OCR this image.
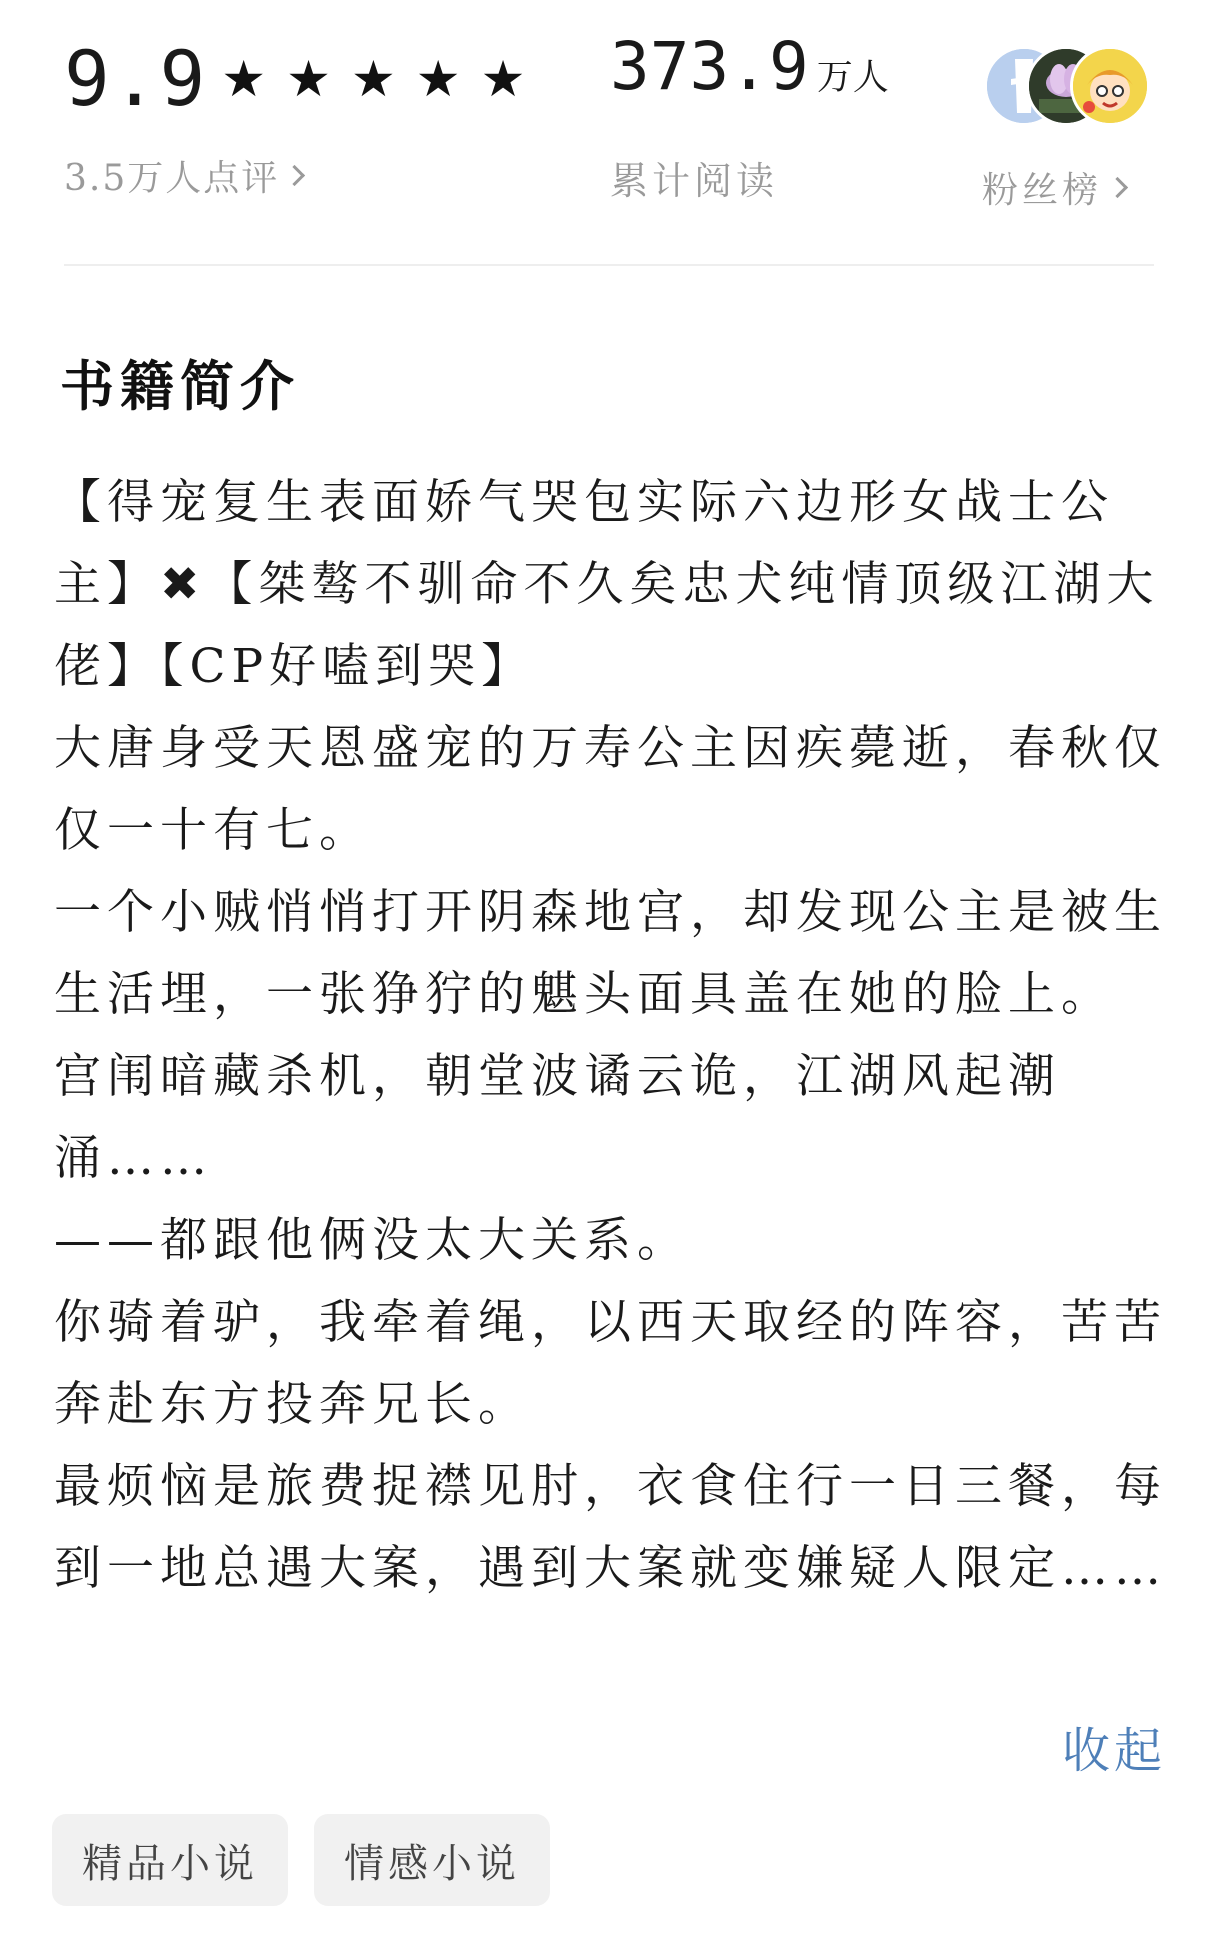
9.9 ★ ★ ★ ★ ★
3.5万人点评
373.9 万人
累计阅读	粉丝榜
书籍简介

【得宠复生表面娇气哭包实际六边形女战士公主】✖【桀骜不驯命不久矣忠犬纯情顶级江湖大佬】【CP好嗑到哭】

大唐身受天恩盛宠的万寿公主因疾薨逝，春秋仅仅一十有七。

一个小贼悄悄打开阴森地宫，却发现公主是被生生活埋，一张狰狞的魌头面具盖在她的脸上。

宫闱暗藏杀机，朝堂波谲云诡，江湖风起潮涌……

——都跟他俩没太大关系。

你骑着驴，我牵着绳，以西天取经的阵容，苦苦奔赴东方投奔兄长。

最烦恼是旅费捉襟见肘，衣食住行一日三餐，每到一地总遇大案，遇到大案就变嫌疑人限定……

收起
精品小说	情感小说
